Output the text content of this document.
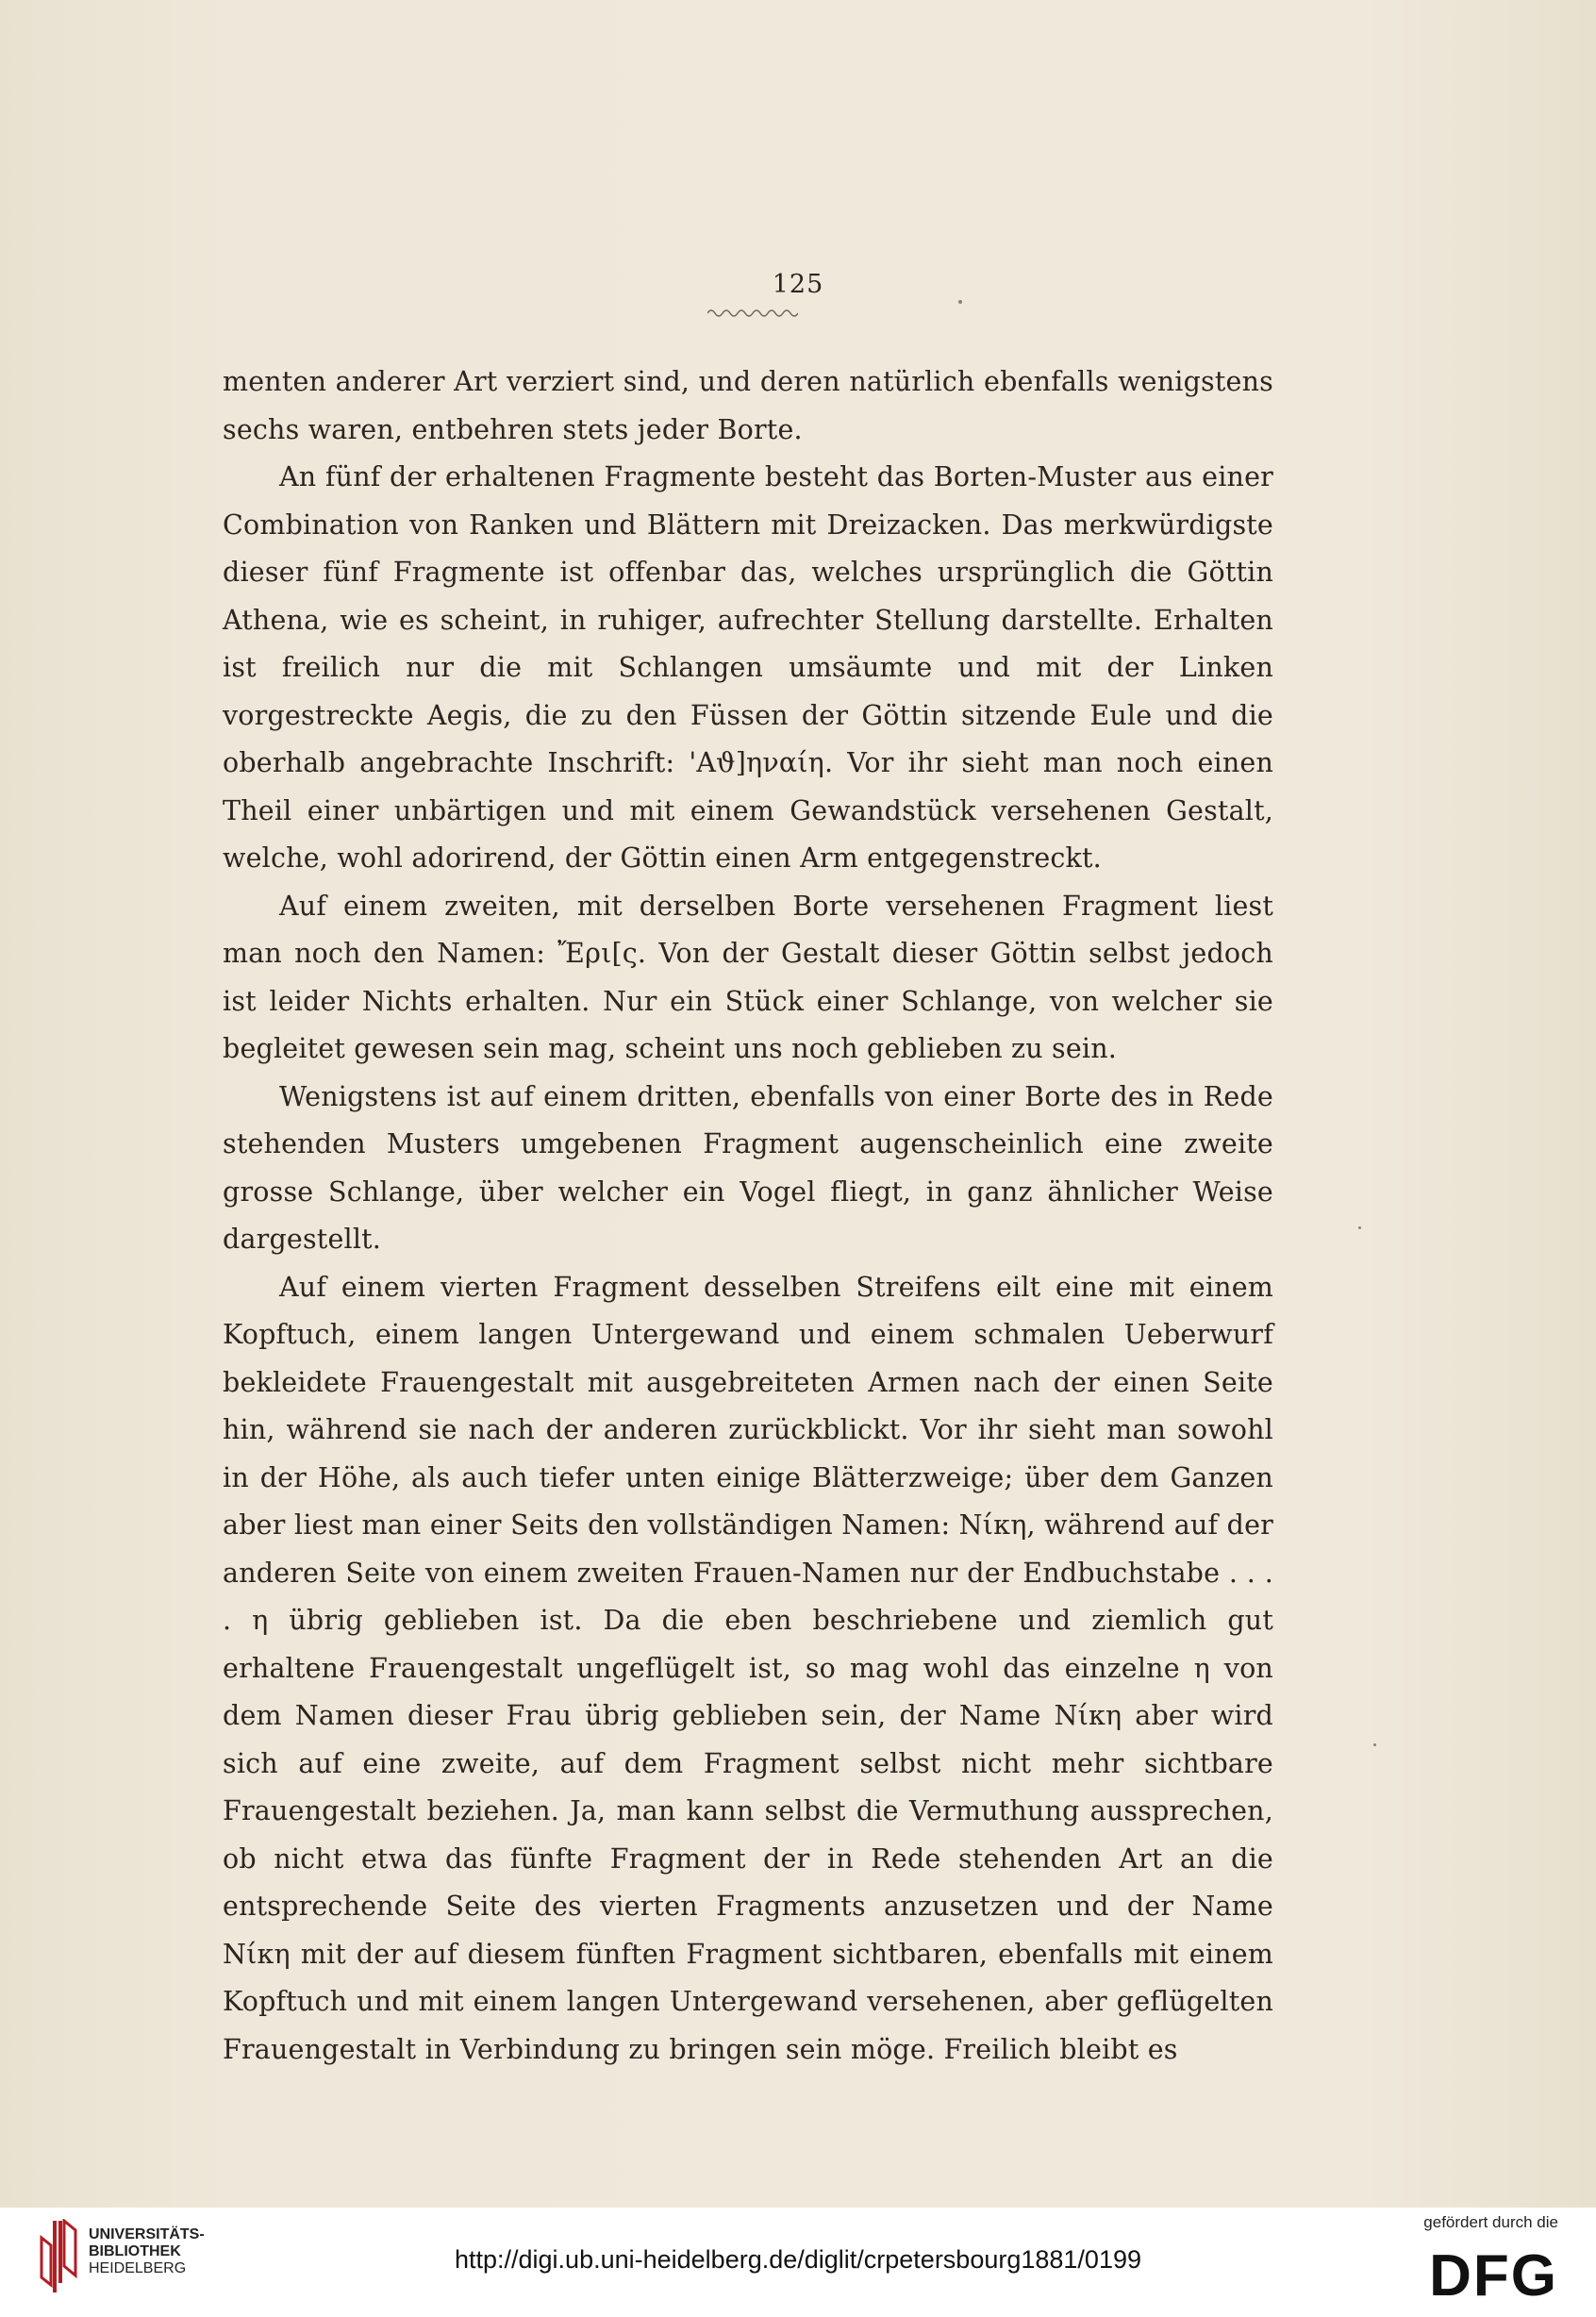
125

menten anderer Art verziert sind, und deren natürlich ebenfalls wenigstens sechs waren, entbehren stets jeder Borte.

An fünf der erhaltenen Fragmente besteht das Borten-Muster aus einer Combination von Ranken und Blättern mit Dreizacken. Das merkwürdigste dieser fünf Fragmente ist offenbar das, welches ursprünglich die Göttin Athena, wie es scheint, in ruhiger, aufrechter Stellung darstellte. Erhalten ist freilich nur die mit Schlangen umsäumte und mit der Linken vorgestreckte Aegis, die zu den Füssen der Göttin sitzende Eule und die oberhalb angebrachte Inschrift: 'Αϑ]ηναίη. Vor ihr sieht man noch einen Theil einer unbärtigen und mit einem Gewandstück versehenen Gestalt, welche, wohl adorirend, der Göttin einen Arm entgegenstreckt.

Auf einem zweiten, mit derselben Borte versehenen Fragment liest man noch den Namen: Ἔρι[ς. Von der Gestalt dieser Göttin selbst jedoch ist leider Nichts erhalten. Nur ein Stück einer Schlange, von welcher sie begleitet gewesen sein mag, scheint uns noch geblieben zu sein.

Wenigstens ist auf einem dritten, ebenfalls von einer Borte des in Rede stehenden Musters umgebenen Fragment augenscheinlich eine zweite grosse Schlange, über welcher ein Vogel fliegt, in ganz ähnlicher Weise dargestellt.

Auf einem vierten Fragment desselben Streifens eilt eine mit einem Kopftuch, einem langen Untergewand und einem schmalen Ueberwurf bekleidete Frauengestalt mit ausgebreiteten Armen nach der einen Seite hin, während sie nach der anderen zurückblickt. Vor ihr sieht man sowohl in der Höhe, als auch tiefer unten einige Blätterzweige; über dem Ganzen aber liest man einer Seits den vollständigen Namen: Νίκη, während auf der anderen Seite von einem zweiten Frauen-Namen nur der Endbuchstabe . . . . η übrig geblieben ist. Da die eben beschriebene und ziemlich gut erhaltene Frauengestalt ungeflügelt ist, so mag wohl das einzelne η von dem Namen dieser Frau übrig geblieben sein, der Name Νίκη aber wird sich auf eine zweite, auf dem Fragment selbst nicht mehr sichtbare Frauengestalt beziehen. Ja, man kann selbst die Vermuthung aussprechen, ob nicht etwa das fünfte Fragment der in Rede stehenden Art an die entsprechende Seite des vierten Fragments anzusetzen und der Name Νίκη mit der auf diesem fünften Fragment sichtbaren, ebenfalls mit einem Kopftuch und mit einem langen Untergewand versehenen, aber geflügelten Frauengestalt in Verbindung zu bringen sein möge. Freilich bleibt es

UNIVERSITÄTS-
BIBLIOTHEK
HEIDELBERG	http://digi.ub.uni-heidelberg.de/diglit/crpetersbourg1881/0199
gefördert durch die
DFG
